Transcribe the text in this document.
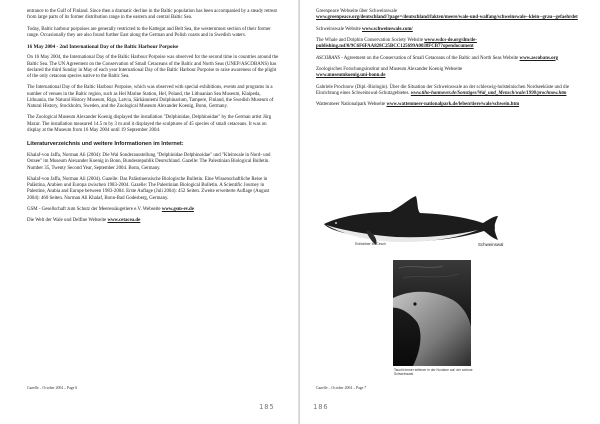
entrance to the Gulf of Finland. Since then a dramatic decline in the Baltic population has been accompanied by a steady retreat from large parts of its former distribution range in the eastern and central Baltic Sea.

Today, Baltic harbour porpoises are generally restricted to the Kattegat and Belt Sea, the westernmost section of their former range. Occasionally they are also found further East along the German and Polish coasts and in Swedish waters.

16 May 2004 - 2nd International Day of the Baltic Harbour Porpoise

On 16 May 2004, the International Day of the Baltic Harbour Porpoise was observed for the second time in countries around the Baltic Sea. The UN Agreement on the Conservation of Small Cetaceans of the Baltic and North Seas (UNEP/ASCOBANS) has declared the third Sunday in May of each year International Day of the Baltic Harbour Porpoise to raise awareness of the plight of the only cetacean species native to the Baltic Sea.

The International Day of the Baltic Harbour Porpoise, which was observed with special exhibitions, events and programs in a number of venues in the Baltic region, such as Hel Marine Station, Hel, Poland, the Lithuanian Sea Museum, Klaipeda, Lithuania, the Natural History Museum, Riga, Latvia, Särkänniemi Dolphinarium, Tampere, Finland, the Swedish Museum of Natural History, Stockholm, Sweden, and the Zoological Museum Alexander Koenig, Bonn, Germany.

The Zoological Museum Alexander Koenig displayed the installation "Delphinidae, Delphinoidae" by the German artist Jörg Mazur. The installation measured 14.5 m by 3 m and it displayed the sculptures of 45 species of small cetaceans. It was on display at the Museum from 16 May 2004 until 19 September 2004.

Literaturverzeichnis und weitere Informationen im Internet:

Khalaf-von Jaffa, Norman Ali (2004): Die Wal Sonderausstellung "Delphinidae Delphinoidae" und "Kleinwale in Nord- und Ostsee" im Museum Alexander Koenig in Bonn, Bundesrepublik Deutschland. Gazelle: The Palestinian Biological Bulletin. Number 35, Twenty Second Year, September 2004. Bonn, Germany.

Khalaf-von Jaffa, Norman Ali (2004). Gazelle: Das Palästinensische Biologische Bulletin. Eine Wissenschaftliche Reise in Palästina, Arabien und Europa zwischen 1983-2004. Gazelle: The Palestinian Biological Bulletin. A Scientific Journey in Palestine, Arabia and Europe between 1983-2004. Erste Auflage (Juli 2004): 452 Seiten. Zweite erweiterte Auflage (August 2004): 460 Seiten. Norman Ali Khalaf, Bonn-Bad Godesberg, Germany.

GSM - Gesellschaft zum Schutz der Meeressäugetiere e.V. Webseite www.gsm-ev.de

Die Welt der Wale und Delfine Webseite www.cetacea.de

Gazelle – October 2004 – Page 6

Greenpeace Webseite über Schweinswale
www.greenpeace.org/deutschland/?page=/deutschland/fakten/meere/wale-und-walfang/schweinswale--klein--grau--gefaehrdet

Schweinswale Website www.schweinswale.com/

The Whale and Dolphin Conservation Society Website www.wdcs-de.org/dm/de-publishing.nsf/0/9C6F6FAA828C25BCC125699A0038FCB7?opendocument

ASCOBANS - Agreement on the Conservation of Small Cetaceans of the Baltic and North Seas Website www.ascobans.org

Zoologisches Forschungsinstitut und Museum Alexander Koenig Webseite
www.museumkoenig.uni-bonn.de

Gabriele Prochnow (Dipl.-Biologin). Über die Situation der Schweinswale an der schleswig-holsteinischen Nordseeküste und die Einrichtung eines Schweinswal-Schutzgebietes. www.tiho-hannover.de/Sonstiges/Wal_und_Mensch/wale/1998/prochnow.htm

Wattenmeer Nationalpark Webseite www.wattenmeer-nationalpark.de/leben/tiere/wale/schwein.htm

Gazelle – October 2004 – Page 7
Rohfaltner M. Cesch	Schweinswal
Taucht immer seltener in der Nordsee auf: der scheue Schweinswal.
185	186
